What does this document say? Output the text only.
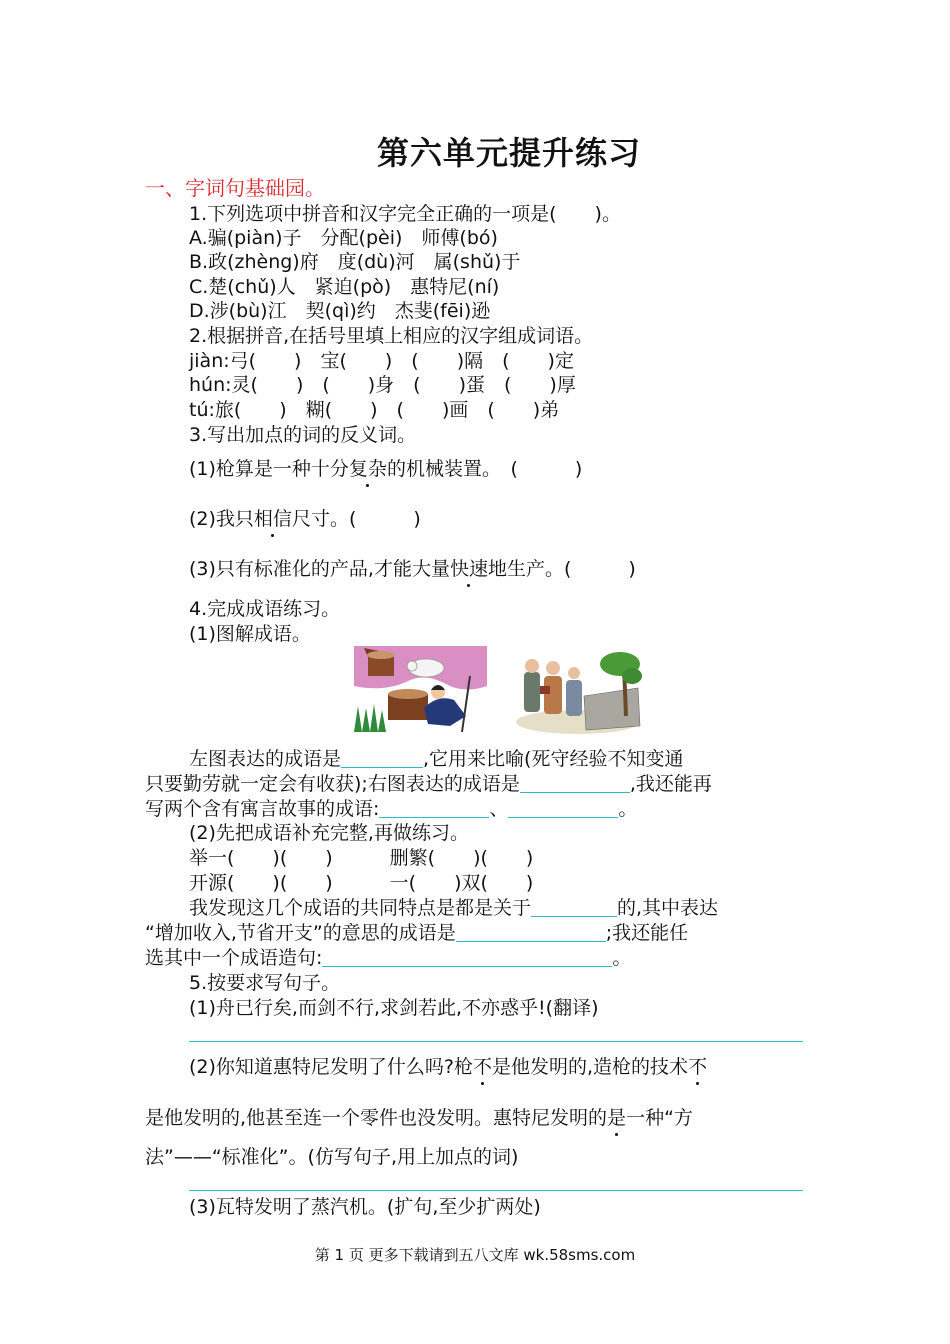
第六单元提升练习
一、字词句基础园。
1.下列选项中拼音和汉字完全正确的一项是(　　)。
A.骗(piàn)子　分配(pèi)　师傅(bó)
B.政(zhèng)府　度(dù)河　属(shǔ)于
C.楚(chǔ)人　紧迫(pò)　惠特尼(ní)
D.涉(bù)江　契(qì)约　杰斐(fēi)逊
2.根据拼音,在括号里填上相应的汉字组成词语。
jiàn:弓(　　)　宝(　　)　(　　)隔　(　　)定
hún:灵(　　)　(　　)身　(　　)蛋　(　　)厚
tú:旅(　　)　糊(　　)　(　　)画　(　　)弟
3.写出加点的词的反义词。
(1)枪算是一种十分复杂的机械装置。　(　　　)
(2)我只相信尺寸。(　　　)
(3)只有标准化的产品,才能大量快速地生产。(　　　)
4.完成成语练习。
(1)图解成语。
左图表达的成语是	,它用来比喻(死守经验不知变通
只要勤劳就一定会有收获);右图表达的成语是	,我还能再
写两个含有寓言故事的成语:	、	。
(2)先把成语补充完整,再做练习。
举一(　　)(　　)　　　删繁(　　)(　　)
开源(　　)(　　)　　　一(　　)双(　　)
我发现这几个成语的共同特点是都是关于	的,其中表达
“增加收入,节省开支”的意思的成语是	;我还能任
选其中一个成语造句:	。
5.按要求写句子。
(1)舟已行矣,而剑不行,求剑若此,不亦惑乎!(翻译)
(2)你知道惠特尼发明了什么吗?枪不是他发明的,造枪的技术不
是他发明的,他甚至连一个零件也没发明。惠特尼发明的是一种“方
法”——“标准化”。(仿写句子,用上加点的词)
(3)瓦特发明了蒸汽机。(扩句,至少扩两处)
第 1 页 更多下载请到五八文库 wk.58sms.com
